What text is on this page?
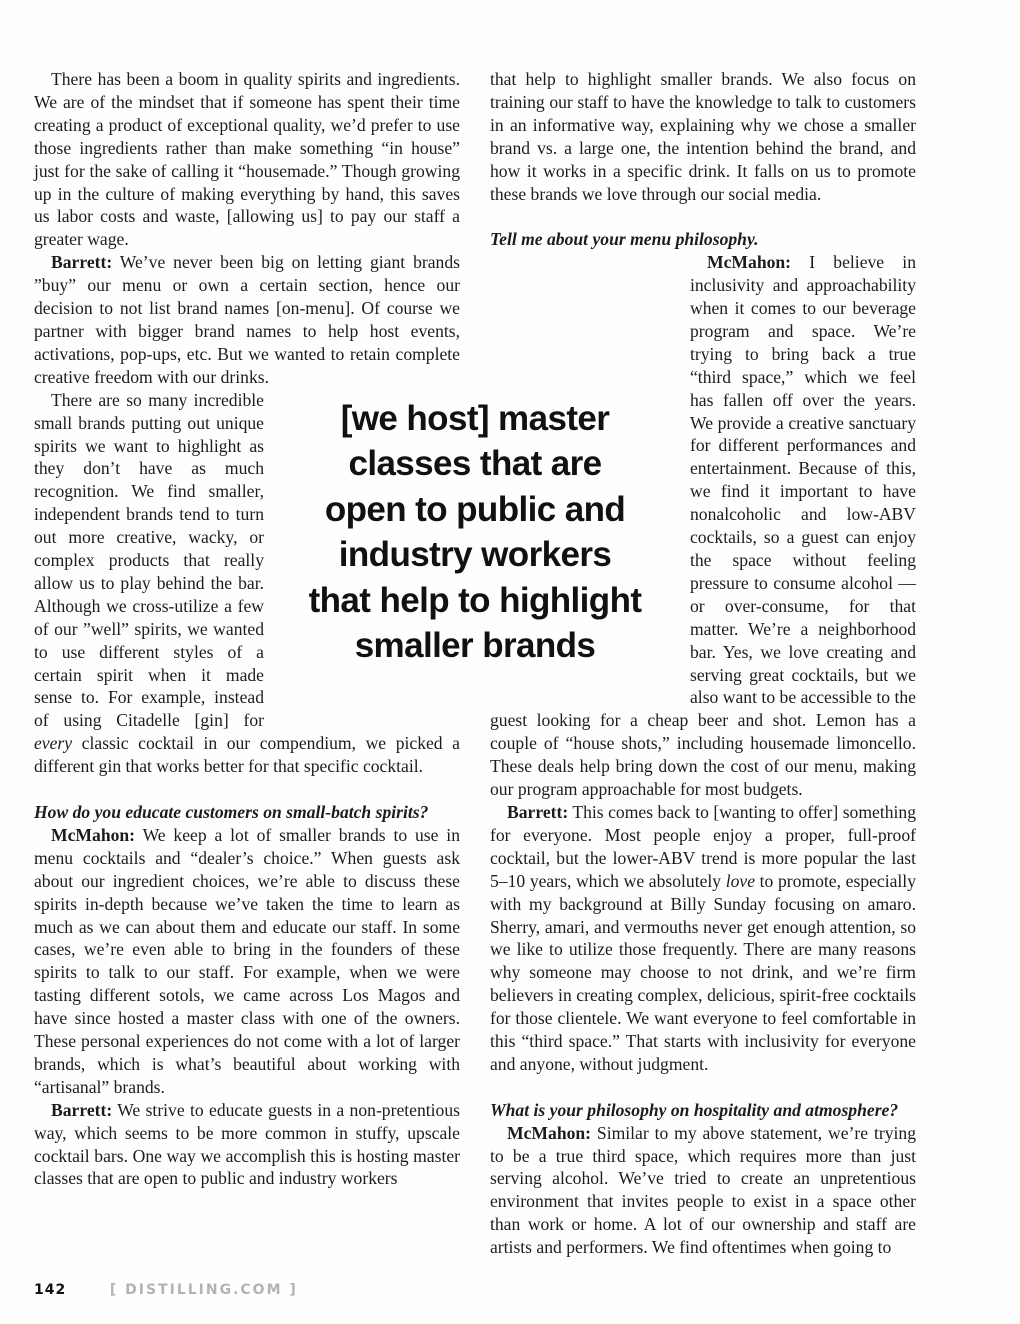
There has been a boom in quality spirits and ingredients. We are of the mindset that if someone has spent their time creating a product of exceptional quality, we’d prefer to use those ingredients rather than make something “in house” just for the sake of calling it “housemade.” Though growing up in the culture of making everything by hand, this saves us labor costs and waste, [allowing us] to pay our staff a greater wage.

Barrett: We’ve never been big on letting giant brands ”buy” our menu or own a certain section, hence our decision to not list brand names [on-menu]. Of course we partner with bigger brand names to help host events, activations, pop-ups, etc. But we wanted to retain complete creative freedom with our drinks.

There are so many incredible small brands putting out unique spirits we want to highlight as they don’t have as much recognition. We find smaller, independent brands tend to turn out more creative, wacky, or complex products that really allow us to play behind the bar. Although we cross-utilize a few of our ”well” spirits, we wanted to use different styles of a certain spirit when it made sense to. For example, instead of using Citadelle [gin] for every classic cocktail in our compendium, we picked a different gin that works better for that specific cocktail.

How do you educate customers on small-batch spirits?

McMahon: We keep a lot of smaller brands to use in menu cocktails and “dealer’s choice.” When guests ask about our ingredient choices, we’re able to discuss these spirits in-depth because we’ve taken the time to learn as much as we can about them and educate our staff. In some cases, we’re even able to bring in the founders of these spirits to talk to our staff. For example, when we were tasting different sotols, we came across Los Magos and have since hosted a master class with one of the owners. These personal experiences do not come with a lot of larger brands, which is what’s beautiful about working with “artisanal” brands.

Barrett: We strive to educate guests in a non-pretentious way, which seems to be more common in stuffy, upscale cocktail bars. One way we accomplish this is hosting master classes that are open to public and industry workers

that help to highlight smaller brands. We also focus on training our staff to have the knowledge to talk to customers in an informative way, explaining why we chose a smaller brand vs. a large one, the intention behind the brand, and how it works in a specific drink. It falls on us to promote these brands we love through our social media.

Tell me about your menu philosophy.

McMahon: I believe in inclusivity and approachability when it comes to our beverage program and space. We’re trying to bring back a true “third space,” which we feel has fallen off over the years. We provide a creative sanctuary for different performances and entertainment. Because of this, we find it important to have nonalcoholic and low-ABV cocktails, so a guest can enjoy the space without feeling pressure to consume alcohol — or over-consume, for that matter. We’re a neighborhood bar. Yes, we love creating and serving great cocktails, but we also want to be accessible to the guest looking for a cheap beer and shot. Lemon has a couple of “house shots,” including housemade limoncello. These deals help bring down the cost of our menu, making our program approachable for most budgets.

Barrett: This comes back to [wanting to offer] something for everyone. Most people enjoy a proper, full-proof cocktail, but the lower-ABV trend is more popular the last 5–10 years, which we absolutely love to promote, especially with my background at Billy Sunday focusing on amaro. Sherry, amari, and vermouths never get enough attention, so we like to utilize those frequently. There are many reasons why someone may choose to not drink, and we’re firm believers in creating complex, delicious, spirit-free cocktails for those clientele. We want everyone to feel comfortable in this “third space.” That starts with inclusivity for everyone and anyone, without judgment.

What is your philosophy on hospitality and atmosphere?

McMahon: Similar to my above statement, we’re trying to be a true third space, which requires more than just serving alcohol. We’ve tried to create an unpretentious environment that invites people to exist in a space other than work or home. A lot of our ownership and staff are artists and performers. We find oftentimes when going to

[we host] master
classes that are
open to public and
industry workers
that help to highlight
smaller brands
142	[ DISTILLING.COM ]
